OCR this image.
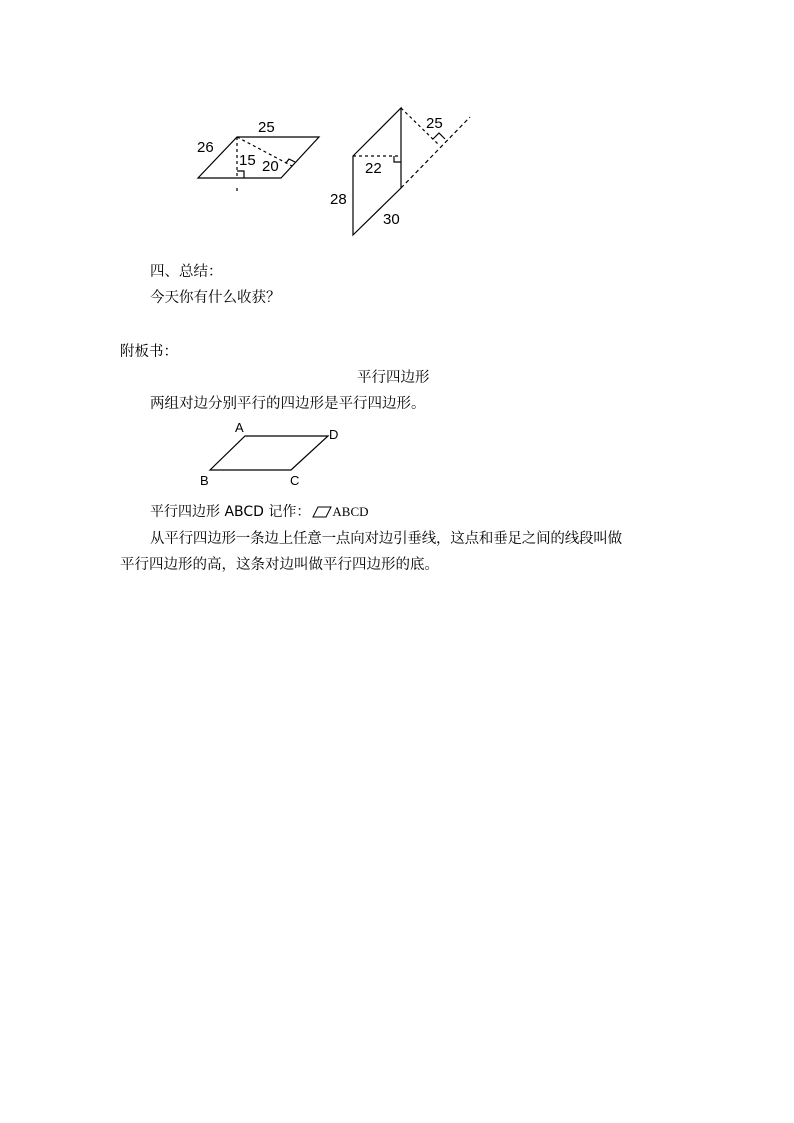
25
26
15 20
25
22
28
30
四、总结：
今天你有什么收获？
附板书：
平行四边形
两组对边分别平行的四边形是平行四边形。
A	D
B	C
平行四边形 ABCD 记作： ABCD
从平行四边形一条边上任意一点向对边引垂线，这点和垂足之间的线段叫做
平行四边形的高，这条对边叫做平行四边形的底。
